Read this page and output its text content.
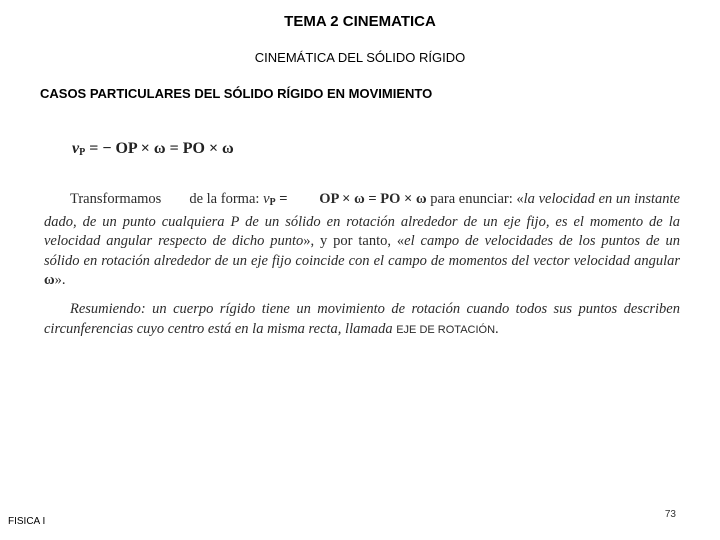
TEMA 2 CINEMATICA
CINEMÁTICA DEL SÓLIDO RÍGIDO
CASOS PARTICULARES DEL SÓLIDO RÍGIDO EN MOVIMIENTO
$v_P$ = − OP × ω = PO × ω
Transformamos de la forma: $v_P$ = OP × ω = PO × ω para enunciar: «la velocidad en un instante dado, de un punto cualquiera P de un sólido en rotación alrededor de un eje fijo, es el momento de la velocidad angular respecto de dicho punto», y por tanto, «el campo de velocidades de los puntos de un sólido en rotación alrededor de un eje fijo coincide con el campo de momentos del vector velocidad angular ω».
Resumiendo: un cuerpo rígido tiene un movimiento de rotación cuando todos sus puntos describen circunferencias cuyo centro está en la misma recta, llamada EJE DE ROTACIÓN.
FISICA I
73
